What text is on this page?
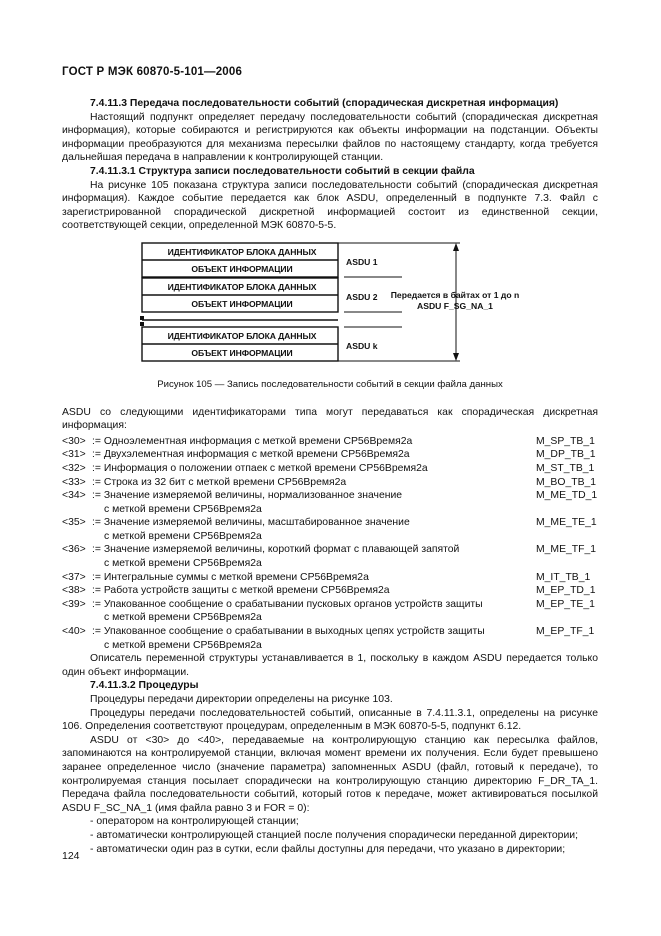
ГОСТ Р МЭК 60870-5-101—2006

7.4.11.3 Передача последовательности событий (спорадическая дискретная информация)

Настоящий подпункт определяет передачу последовательности событий (спорадическая дискретная информация), которые собираются и регистрируются как объекты информации на подстанции. Объекты информации преобразуются для механизма пересылки файлов по настоящему стандарту, когда требуется дальнейшая передача в направлении к контролирующей станции.

7.4.11.3.1 Структура записи последовательности событий в секции файла

На рисунке 105 показана структура записи последовательности событий (спорадическая дискретная информация). Каждое событие передается как блок ASDU, определенный в подпункте 7.3. Файл с зарегистрированной спорадической дискретной информацией состоит из единственной секции, соответствующей секции, определенной МЭК 60870-5-5.

ИДЕНТИФИКАТОР БЛОКА ДАННЫХ
ОБЪЕКТ ИНФОРМАЦИИ
ИДЕНТИФИКАТОР БЛОКА ДАННЫХ
ОБЪЕКТ ИНФОРМАЦИИ
ИДЕНТИФИКАТОР БЛОКА ДАННЫХ
ОБЪЕКТ ИНФОРМАЦИИ
ASDU 1
ASDU 2
ASDU k
Передается в байтах от 1 до n
ASDU F_SG_NA_1
Рисунок 105 — Запись последовательности событий в секции файла данных

ASDU со следующими идентификаторами типа могут передаваться как спорадическая дискретная информация:

<30> := Одноэлементная информация с меткой времени CP56Время2а	M_SP_TB_1
<31> := Двухэлементная информация с меткой времени CP56Время2а	M_DP_TB_1
<32> := Информация о положении отпаек с меткой времени CP56Время2а	M_ST_TB_1
<33> := Строка из 32 бит с меткой времени CP56Время2а	M_BO_TB_1
<34> := Значение измеряемой величины, нормализованное значение	M_ME_TD_1
с меткой времени CP56Время2а
<35> := Значение измеряемой величины, масштабированное значение	M_ME_TE_1
с меткой времени CP56Время2а
<36> := Значение измеряемой величины, короткий формат с плавающей запятой	M_ME_TF_1
с меткой времени CP56Время2а
<37> := Интегральные суммы с меткой времени CP56Время2а	M_IT_TB_1
<38> := Работа устройств защиты с меткой времени CP56Время2а	M_EP_TD_1
<39> := Упакованное сообщение о срабатывании пусковых органов устройств защиты	M_EP_TE_1
с меткой времени CP56Время2а
<40> := Упакованное сообщение о срабатывании в выходных цепях устройств защиты	M_EP_TF_1
с меткой времени CP56Время2а

Описатель переменной структуры устанавливается в 1, поскольку в каждом ASDU передается только один объект информации.

7.4.11.3.2 Процедуры

Процедуры передачи директории определены на рисунке 103.

Процедуры передачи последовательностей событий, описанные в 7.4.11.3.1, определены на рисунке 106. Определения соответствуют процедурам, определенным в МЭК 60870-5-5, подпункт 6.12.

ASDU от <30> до <40>, передаваемые на контролирующую станцию как пересылка файлов, запоминаются на контролируемой станции, включая момент времени их получения. Если будет превышено заранее определенное число (значение параметра) запомненных ASDU (файл, готовый к передаче), то контролируемая станция посылает спорадически на контролирующую станцию директорию F_DR_TA_1. Передача файла последовательности событий, который готов к передаче, может активироваться посылкой ASDU F_SC_NA_1 (имя файла равно 3 и FOR = 0):

- оператором на контролирующей станции;

- автоматически контролирующей станцией после получения спорадически переданной директории;

- автоматически один раз в сутки, если файлы доступны для передачи, что указано в директории;

124
